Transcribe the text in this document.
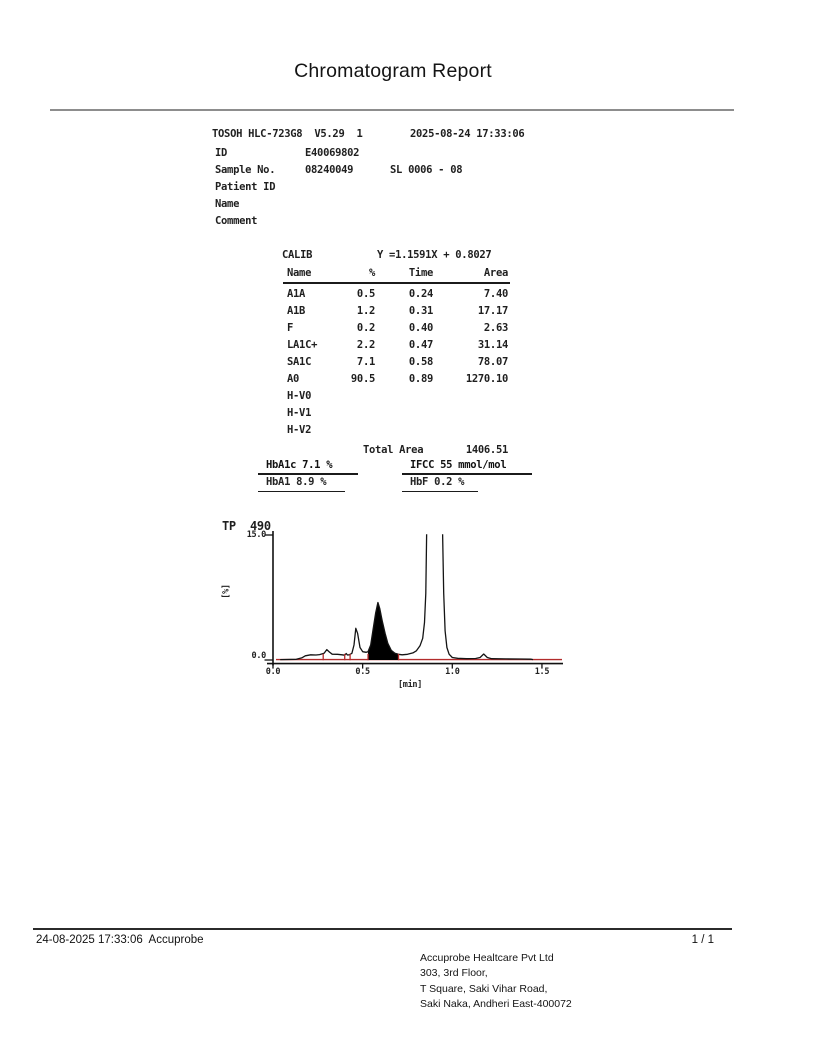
Chromatogram Report
TOSOH HLC-723G8  V5.29  1	2025-08-24 17:33:06
ID	E40069802
Sample No.	08240049	SL 0006 - 08
Patient ID
Name
Comment
CALIB	Y =1.1591X + 0.8027
Name	%	Time	Area
A1A	0.5	0.24	7.40
A1B	1.2	0.31	17.17
F	0.2	0.40	2.63
LA1C+	2.2	0.47	31.14
SA1C	7.1	0.58	78.07
A0	90.5	0.89	1270.10
H-V0
H-V1
H-V2
Total Area	1406.51
HbA1c 7.1 %	IFCC 55 mmol/mol
HbA1 8.9 %	HbF 0.2 %
TP 490
15.0
0.0
[%]
0.0	0.5	1.0	1.5
[min]
24-08-2025 17:33:06  Accuprobe	1 / 1
Accuprobe Healtcare Pvt Ltd
303, 3rd Floor,
T Square, Saki Vihar Road,
Saki Naka, Andheri East-400072
